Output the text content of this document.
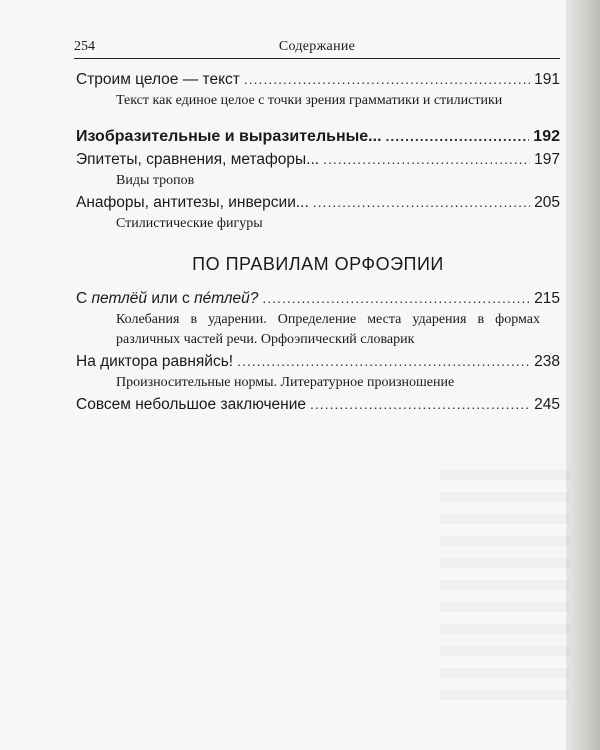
254	Содержание
Строим целое — текст .....	191
Текст как единое целое с точки зрения грамматики и стилистики
Изобразительные и выразительные... .....	192
Эпитеты, сравнения, метафоры... .....	197
Виды тропов
Анафоры, антитезы, инверсии... .....	205
Стилистические фигуры
ПО ПРАВИЛАМ ОРФОЭПИИ
С петлёй или с пéтлей? .....	215
Колебания в ударении. Определение места ударения в формах различных частей речи. Орфоэпический словарик
На диктора равняйсь! .....	238
Произносительные нормы. Литературное произношение
Совсем небольшое заключение .....	245
